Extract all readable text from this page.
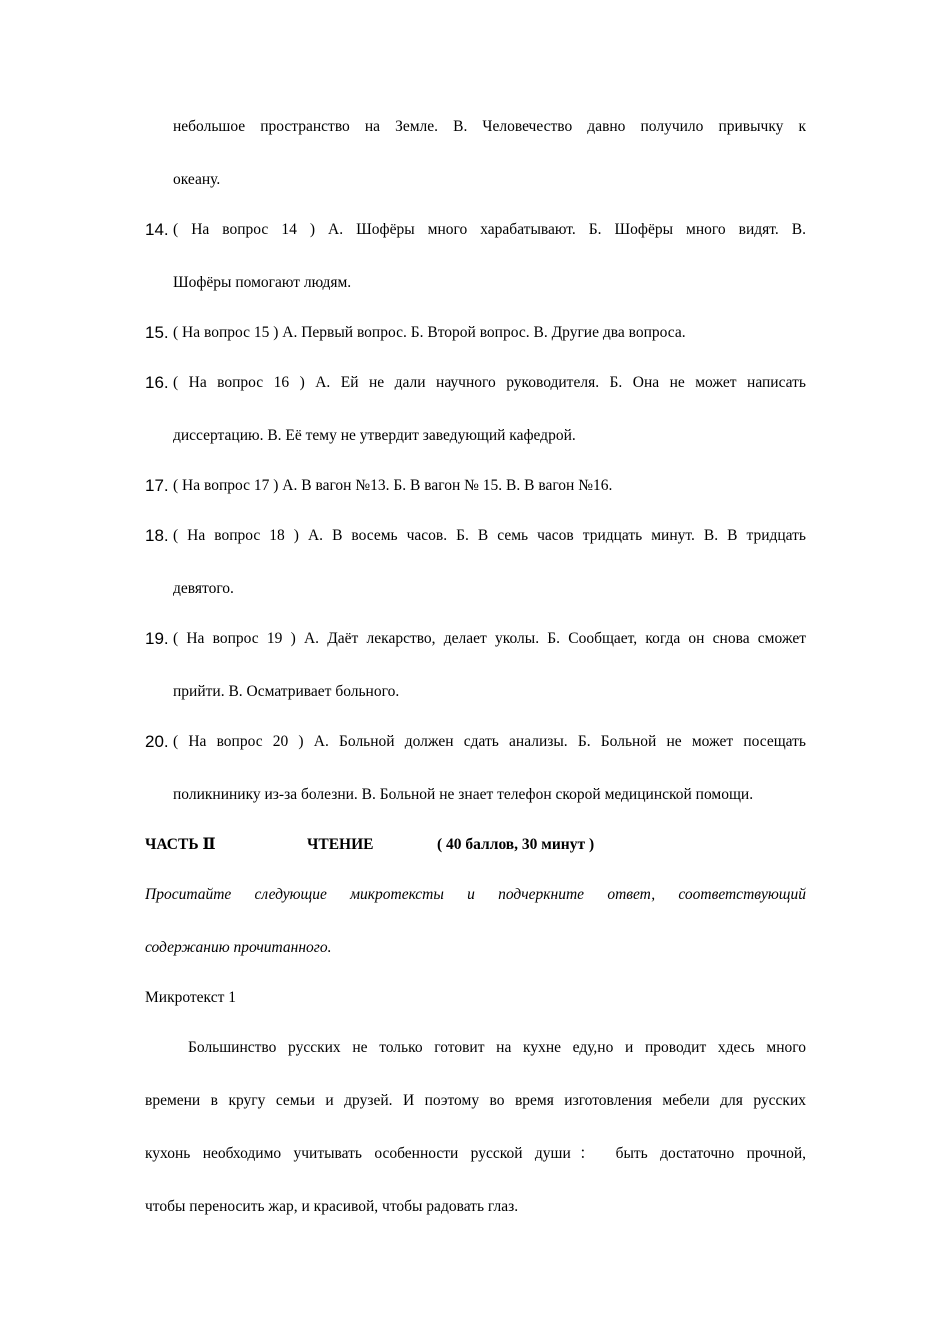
небольшое пространство на Земле. В. Человечество давно получило привычку к
океану.
14. ( На вопрос 14 ) А. Шофёры много харабатывают. Б. Шофёры много видят. В.
Шофёры помогают людям.
15. ( На вопрос 15 ) А. Первый вопрос. Б. Второй вопрос. В. Другие два вопроса.
16. ( На вопрос 16 ) А. Ей не дали научного руководителя. Б. Она не может написать
диссертацию. В. Её тему не утвердит заведующий кафедрой.
17. ( На вопрос 17 ) А. В вагон №13. Б. В вагон № 15. В. В вагон №16.
18. ( На вопрос 18 ) А. В восемь часов. Б. В семь часов тридцать минут. В. В тридцать
девятого.
19. ( На вопрос 19 ) А. Даёт лекарство, делает уколы. Б. Сообщает, когда он снова сможет
прийти. В. Осматривает больного.
20. ( На вопрос 20 ) А. Больной должен сдать анализы. Б. Больной не может посещать
поликнинику из-за болезни. В. Больной не знает телефон скорой медицинской помощи.
ЧАСТЬ Ⅱ	ЧТЕНИЕ	( 40 баллов, 30 минут )
Проситайте следующие микротексты и подчеркните ответ, соответствующий
содержанию прочитанного.
Микротекст 1
Большинство русских не только готовит на кухне еду,но и проводит хдесь много
времени в кругу семьи и друзей. И поэтому во время изготовления мебели для русских
кухонь необходимо учитывать особенности русской души： быть достаточно прочной,
чтобы переносить жар, и красивой, чтобы радовать глаз.
